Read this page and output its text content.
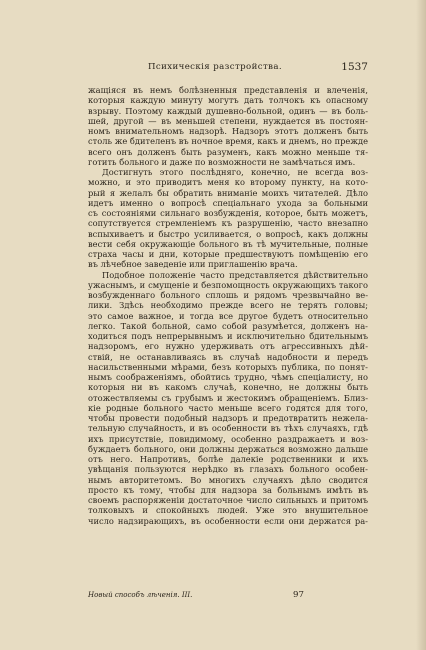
Психическія разстройства.	1537
жащіяся въ немъ болѣзненныя представленія и влеченія,
которыя каждую минуту могутъ дать толчокъ къ опасному
взрыву. Поэтому каждый душевно-больной, одинъ — въ боль-
шей, другой — въ меньшей степени, нуждается въ постоян-
номъ внимательномъ надзорѣ. Надзоръ этотъ долженъ быть
столь же бдителенъ въ ночное время, какъ и днемъ, но прежде
всего онъ долженъ быть разуменъ, какъ можно меньше тя-
готить больного и даже по возможности не замѣчаться имъ.
Достигнуть этого послѣдняго, конечно, не всегда воз-
можно, и это приводитъ меня ко второму пункту, на кото-
рый я желалъ бы обратить вниманіе моихъ читателей. Дѣло
идетъ именно о вопросѣ спеціальнаго ухода за больными
съ состояніями сильнаго возбужденія, которое, быть можетъ,
сопутствуется стремленіемъ къ разрушенію, часто внезапно
вспыхиваетъ и быстро усиливается, о вопросѣ, какъ должны
вести себя окружающіе больного въ тѣ мучительные, полные
страха часы и дни, которые предшествуютъ помѣщенію его
въ лѣчебное заведеніе или приглашенію врача.
Подобное положеніе часто представляется дѣйствительно
ужаснымъ, и смущеніе и безпомощность окружающихъ такого
возбужденнаго больного сплошь и рядомъ чрезвычайно ве-
лики. Здѣсь необходимо прежде всего не терять головы;
это самое важное, и тогда все другое будетъ относительно
легко. Такой больной, само собой разумѣется, долженъ на-
ходиться подъ непрерывнымъ и исключительно бдительнымъ
надзоромъ, его нужно удерживать отъ агрессивныхъ дѣй-
ствій, не останавливаясь въ случаѣ надобности и передъ
насильственными мѣрами, безъ которыхъ публика, по понят-
нымъ соображеніямъ, обойтись трудно, чѣмъ спеціалисту, но
которыя ни въ какомъ случаѣ, конечно, не должны быть
отожествляемы съ грубымъ и жестокимъ обращеніемъ. Близ-
кіе родные больного часто меньше всего годятся для того,
чтобы провести подобный надзоръ и предотвратить нежела-
тельную случайность, и въ особенности въ тѣхъ случаяхъ, гдѣ
ихъ присутствіе, повидимому, особенно раздражаетъ и воз-
буждаетъ больного, они должны держаться возможно дальше
отъ него. Напротивъ, болѣе далекіе родственники и ихъ
увѣщанія пользуются нерѣдко въ глазахъ больного особен-
нымъ авторитетомъ. Во многихъ случаяхъ дѣло сводится
просто къ тому, чтобы для надзора за больнымъ имѣть въ
своемъ распоряженіи достаточное число сильныхъ и притомъ
толковыхъ и спокойныхъ людей. Уже это внушительное
число надзирающихъ, въ особенности если они держатся ра-
Новый способъ лѣченія. III.	97
